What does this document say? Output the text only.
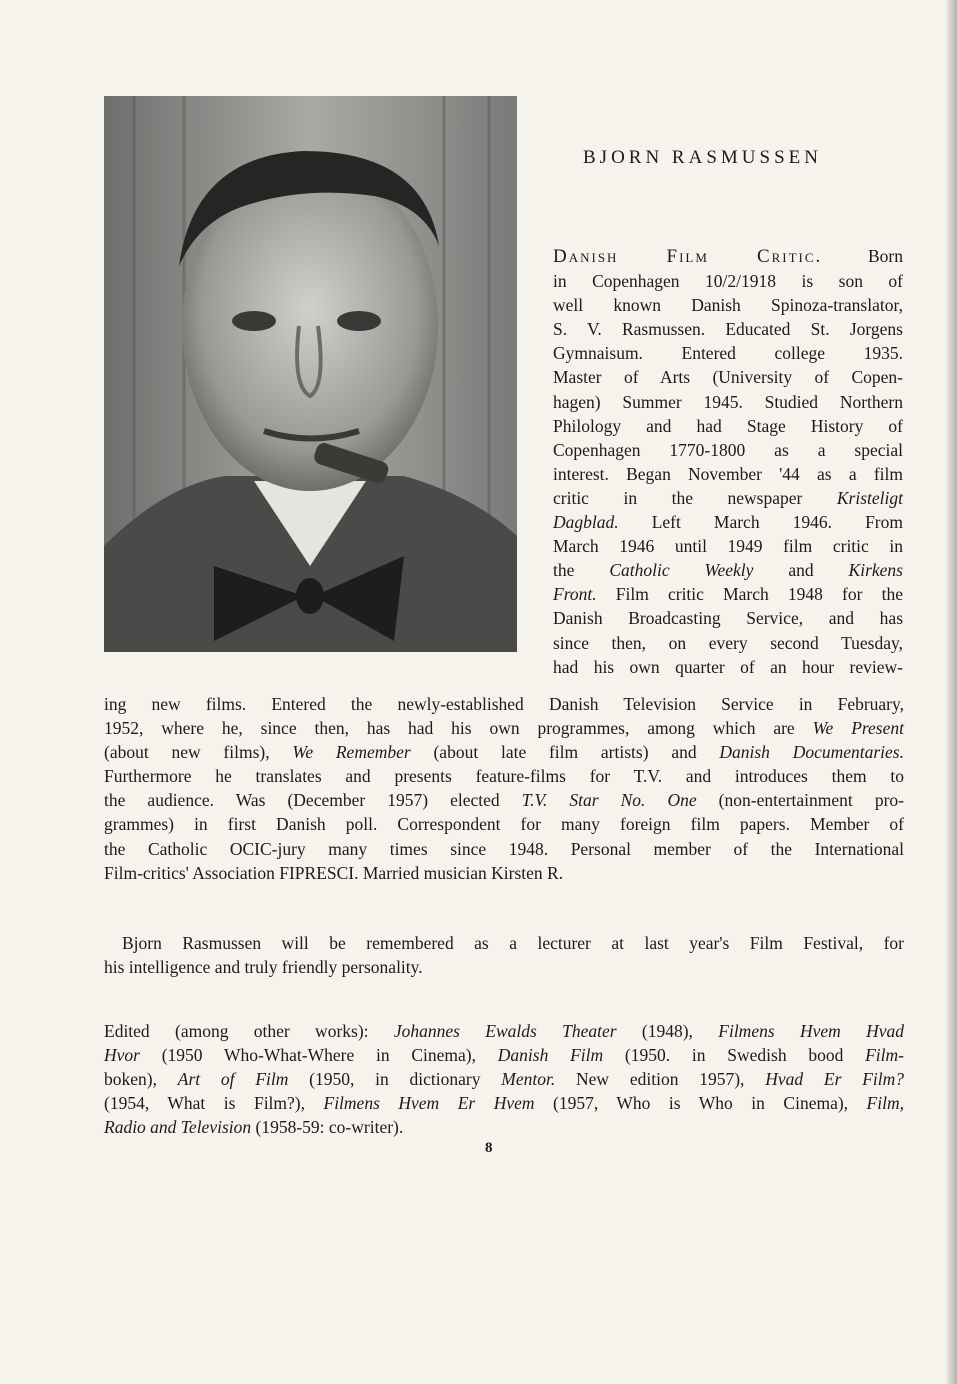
BJORN RASMUSSEN
Danish Film Critic. Born
in Copenhagen 10/2/1918 is son of
well known Danish Spinoza-translator,
S. V. Rasmussen. Educated St. Jorgens
Gymnaisum. Entered college 1935.
Master of Arts (University of Copen-
hagen) Summer 1945. Studied Northern
Philology and had Stage History of
Copenhagen 1770-1800 as a special
interest. Began November '44 as a film
critic in the newspaper Kristeligt
Dagblad. Left March 1946. From
March 1946 until 1949 film critic in
the Catholic Weekly and Kirkens
Front. Film critic March 1948 for the
Danish Broadcasting Service, and has
since then, on every second Tuesday,
had his own quarter of an hour review-
ing new films. Entered the newly-established Danish Television Service in February,
1952, where he, since then, has had his own programmes, among which are We Present
(about new films), We Remember (about late film artists) and Danish Documentaries.
Furthermore he translates and presents feature-films for T.V. and introduces them to
the audience. Was (December 1957) elected T.V. Star No. One (non-entertainment pro-
grammes) in first Danish poll. Correspondent for many foreign film papers. Member of
the Catholic OCIC-jury many times since 1948. Personal member of the International
Film-critics' Association FIPRESCI. Married musician Kirsten R.
Bjorn Rasmussen will be remembered as a lecturer at last year's Film Festival, for
his intelligence and truly friendly personality.
Edited (among other works): Johannes Ewalds Theater (1948), Filmens Hvem Hvad
Hvor (1950 Who-What-Where in Cinema), Danish Film (1950. in Swedish bood Film-
boken), Art of Film (1950, in dictionary Mentor. New edition 1957), Hvad Er Film?
(1954, What is Film?), Filmens Hvem Er Hvem (1957, Who is Who in Cinema), Film,
Radio and Television (1958-59: co-writer).
8
